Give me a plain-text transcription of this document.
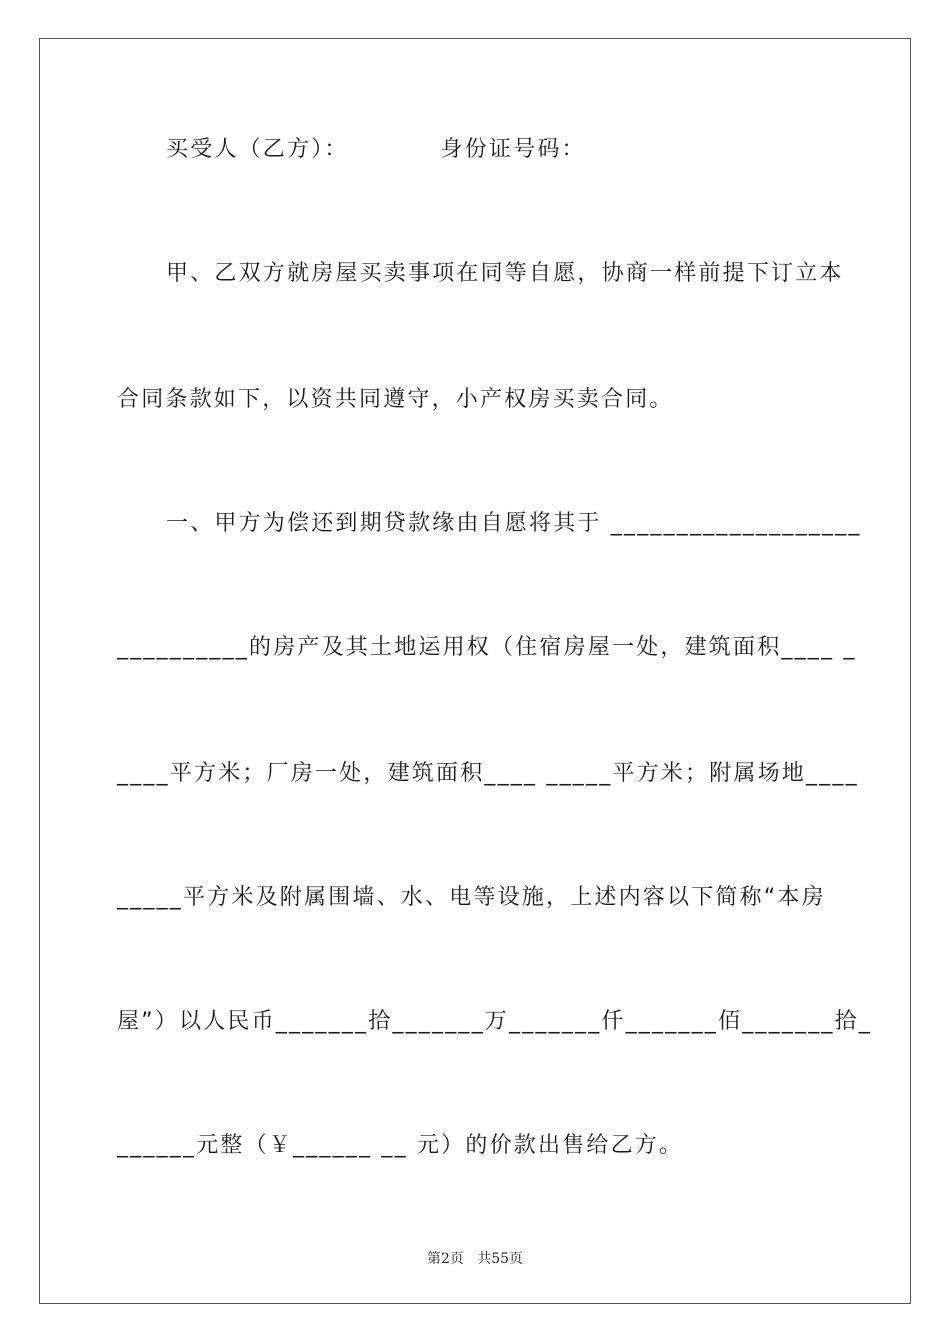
买受人（乙方）：          身份证号码：
甲、乙双方就房屋买卖事项在同等自愿，协商一样前提下订立本
合同条款如下，以资共同遵守，小产权房买卖合同。
一、甲方为偿还到期贷款缘由自愿将其于 ___________________
__________的房产及其土地运用权（住宿房屋一处，建筑面积____ _
____平方米；厂房一处，建筑面积____ _____平方米；附属场地____
_____平方米及附属围墙、水、电等设施，上述内容以下简称“本房
屋”）以人民币_______拾_______万_______仟_______佰_______拾_
______元整（￥______ __ 元）的价款出售给乙方。
第2页   共55页
